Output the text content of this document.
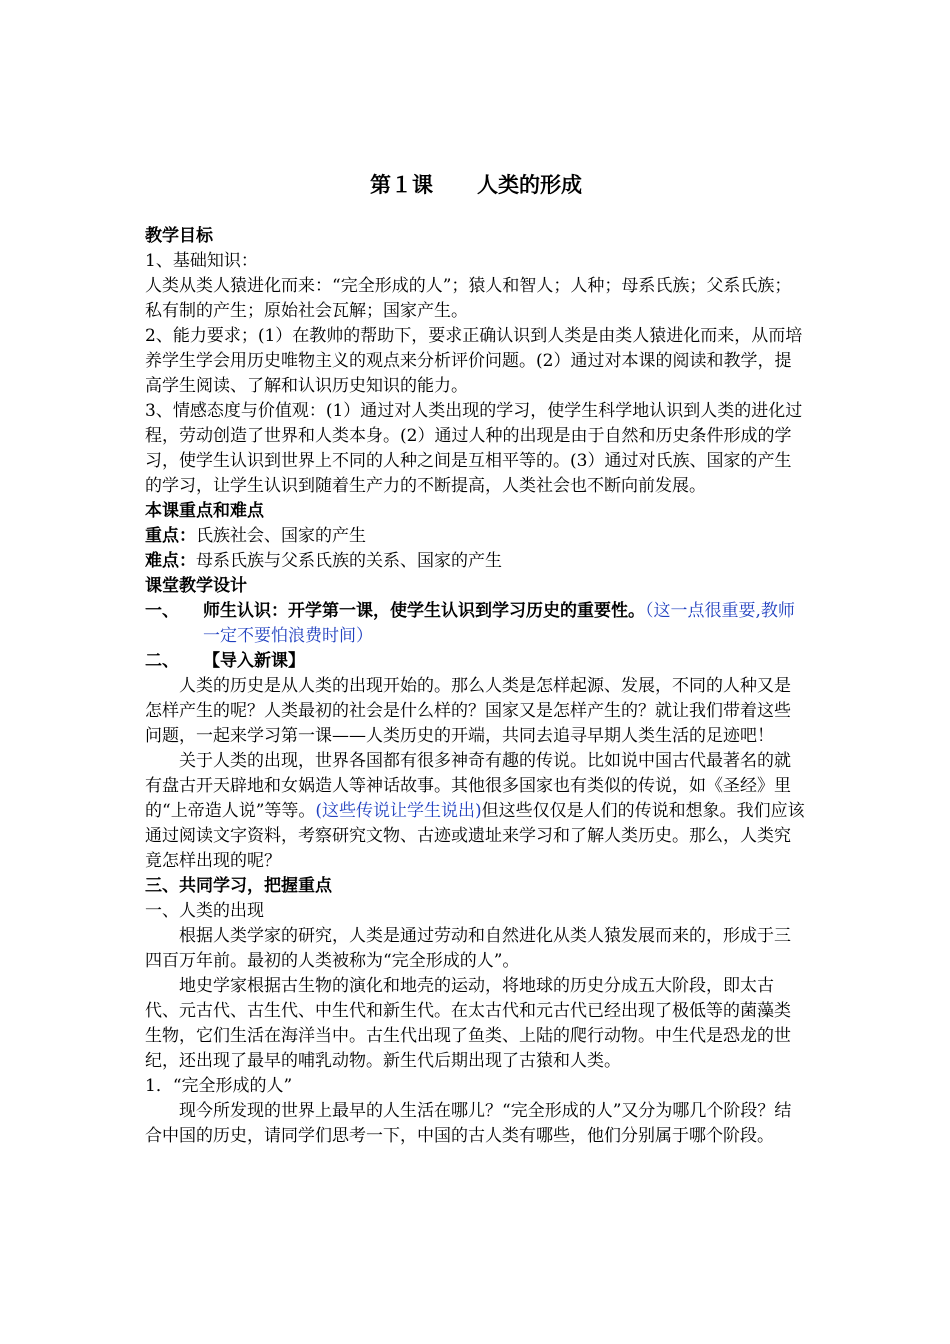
第１课 人类的形成

教学目标

1、基础知识：

人类从类人猿进化而来：“完全形成的人”；猿人和智人；人种；母系氏族；父系氏族；私有制的产生；原始社会瓦解；国家产生。

2、能力要求；(1）在教帅的帮助下，要求正确认识到人类是由类人猿进化而来，从而培养学生学会用历史唯物主义的观点来分析评价问题。(2）通过对本课的阅读和教学，提高学生阅读、了解和认识历史知识的能力。

3、情感态度与价值观：(1）通过对人类出现的学习，使学生科学地认识到人类的进化过程，劳动创造了世界和人类本身。(2）通过人种的出现是由于自然和历史条件形成的学习，使学生认识到世界上不同的人种之间是互相平等的。(3）通过对氏族、国家的产生的学习，让学生认识到随着生产力的不断提高，人类社会也不断向前发展。

本课重点和难点

重点：氏族社会、国家的产生

难点：母系氏族与父系氏族的关系、国家的产生

课堂教学设计

一、 师生认识：开学第一课，使学生认识到学习历史的重要性。（这一点很重要,教师一定不要怕浪费时间）
二、 【导入新课】

人类的历史是从人类的出现开始的。那么人类是怎样起源、发展，不同的人种又是怎样产生的呢？人类最初的社会是什么样的？国家又是怎样产生的？就让我们带着这些问题，一起来学习第一课——人类历史的开端，共同去追寻早期人类生活的足迹吧！

关于人类的出现，世界各国都有很多神奇有趣的传说。比如说中国古代最著名的就有盘古开天辟地和女娲造人等神话故事。其他很多国家也有类似的传说，如《圣经》里的“上帝造人说”等等。(这些传说让学生说出)但这些仅仅是人们的传说和想象。我们应该通过阅读文字资料，考察研究文物、古迹或遗址来学习和了解人类历史。那么，人类究竟怎样出现的呢？

三、共同学习，把握重点

一、人类的出现

根据人类学家的研究，人类是通过劳动和自然进化从类人猿发展而来的，形成于三四百万年前。最初的人类被称为“完全形成的人”。

地史学家根据古生物的演化和地壳的运动，将地球的历史分成五大阶段，即太古代、元古代、古生代、中生代和新生代。在太古代和元古代已经出现了极低等的菌藻类生物，它们生活在海洋当中。古生代出现了鱼类、上陆的爬行动物。中生代是恐龙的世纪，还出现了最早的哺乳动物。新生代后期出现了古猿和人类。

1．“完全形成的人”

现今所发现的世界上最早的人生活在哪儿？“完全形成的人”又分为哪几个阶段？结合中国的历史，请同学们思考一下，中国的古人类有哪些，他们分别属于哪个阶段。
